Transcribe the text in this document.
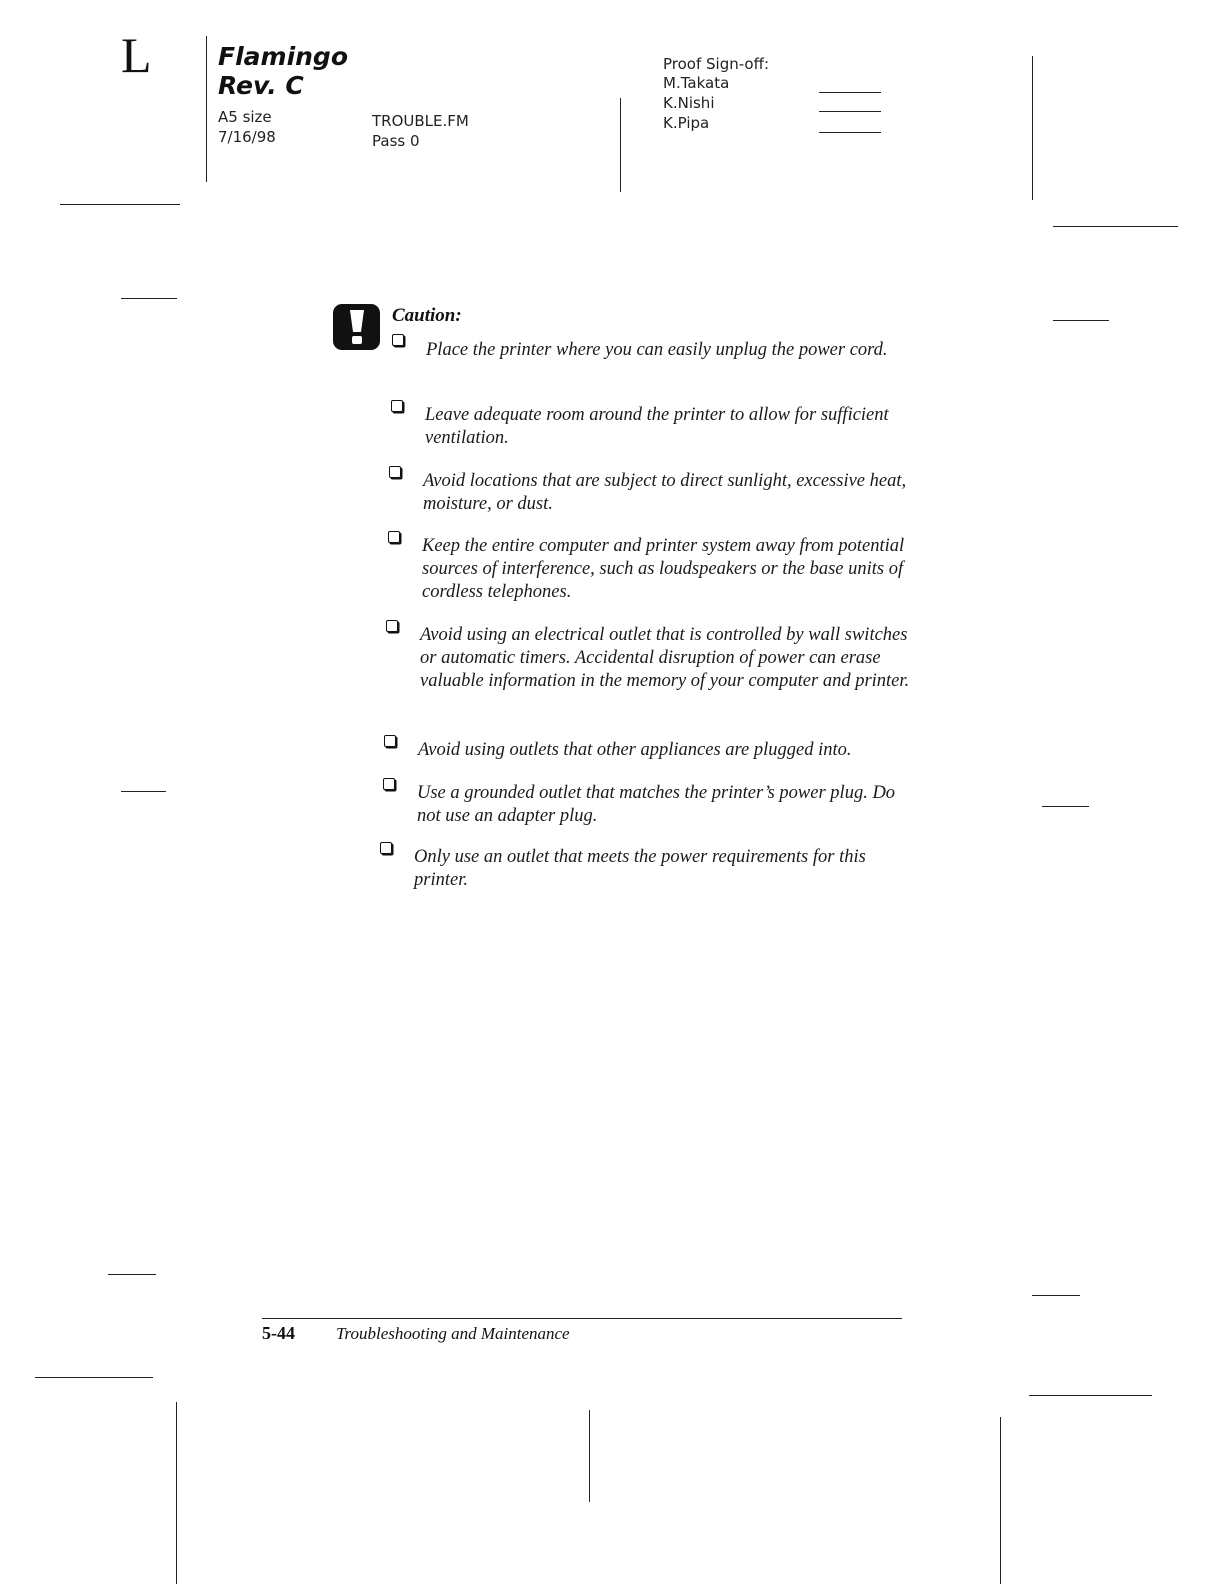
L	Flamingo
Rev. C
A5 size
7/16/98
TROUBLE.FM
Pass 0
Proof Sign-off:
M.Takata
K.Nishi
K.Pipa
Caution:
Place the printer where you can easily unplug the power cord.
Leave adequate room around the printer to allow for sufficient ventilation.
Avoid locations that are subject to direct sunlight, excessive heat, moisture, or dust.
Keep the entire computer and printer system away from potential sources of interference, such as loudspeakers or the base units of cordless telephones.
Avoid using an electrical outlet that is controlled by wall switches or automatic timers. Accidental disruption of power can erase valuable information in the memory of your computer and printer.
Avoid using outlets that other appliances are plugged into.
Use a grounded outlet that matches the printer’s power plug. Do not use an adapter plug.
Only use an outlet that meets the power requirements for this printer.
5-44 Troubleshooting and Maintenance
